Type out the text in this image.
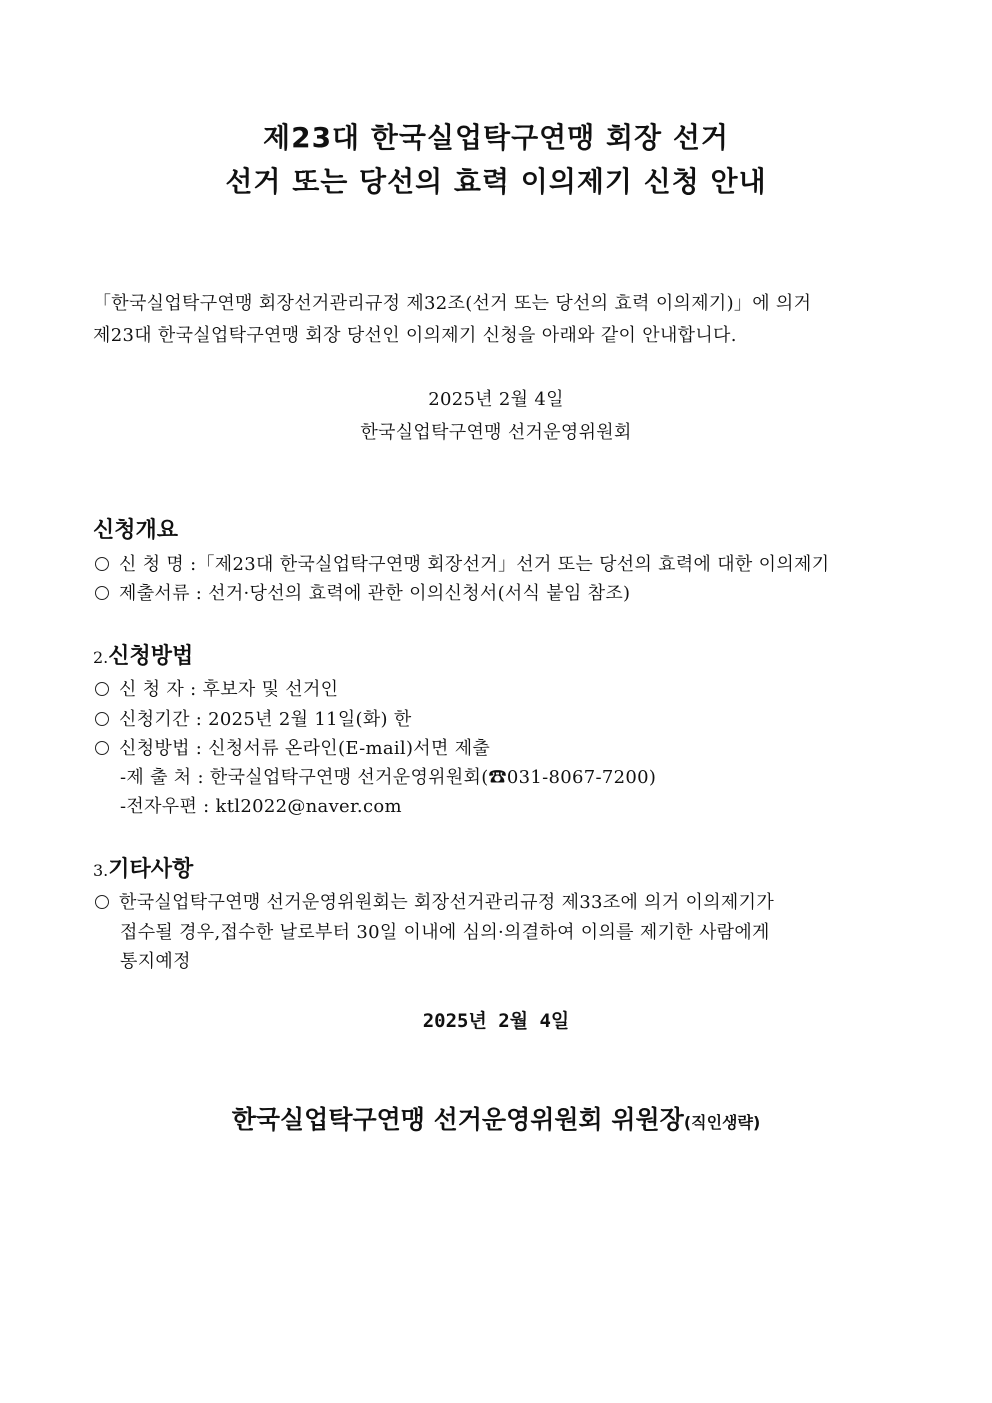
제23대 한국실업탁구연맹 회장 선거
선거 또는 당선의 효력 이의제기 신청 안내
「한국실업탁구연맹 회장선거관리규정 제32조(선거 또는 당선의 효력 이의제기)」에 의거
제23대 한국실업탁구연맹 회장 당선인 이의제기 신청을 아래와 같이 안내합니다.
2025년 2월 4일
한국실업탁구연맹 선거운영위원회
신청개요
신 청 명 :「제23대 한국실업탁구연맹 회장선거」선거 또는 당선의 효력에 대한 이의제기
제출서류 : 선거·당선의 효력에 관한 이의신청서(서식 붙임 참조)
2.신청방법
신 청 자 : 후보자 및 선거인
신청기간 : 2025년 2월 11일(화) 한
신청방법 : 신청서류 온라인(E-mail)서면 제출
-제 출 처 : 한국실업탁구연맹 선거운영위원회(☎031-8067-7200)
-전자우편 : ktl2022@naver.com
3.기타사항
한국실업탁구연맹 선거운영위원회는 회장선거관리규정 제33조에 의거 이의제기가
접수될 경우,접수한 날로부터 30일 이내에 심의·의결하여 이의를 제기한 사람에게
통지예정
2025년 2월 4일
한국실업탁구연맹 선거운영위원회 위원장(직인생략)
